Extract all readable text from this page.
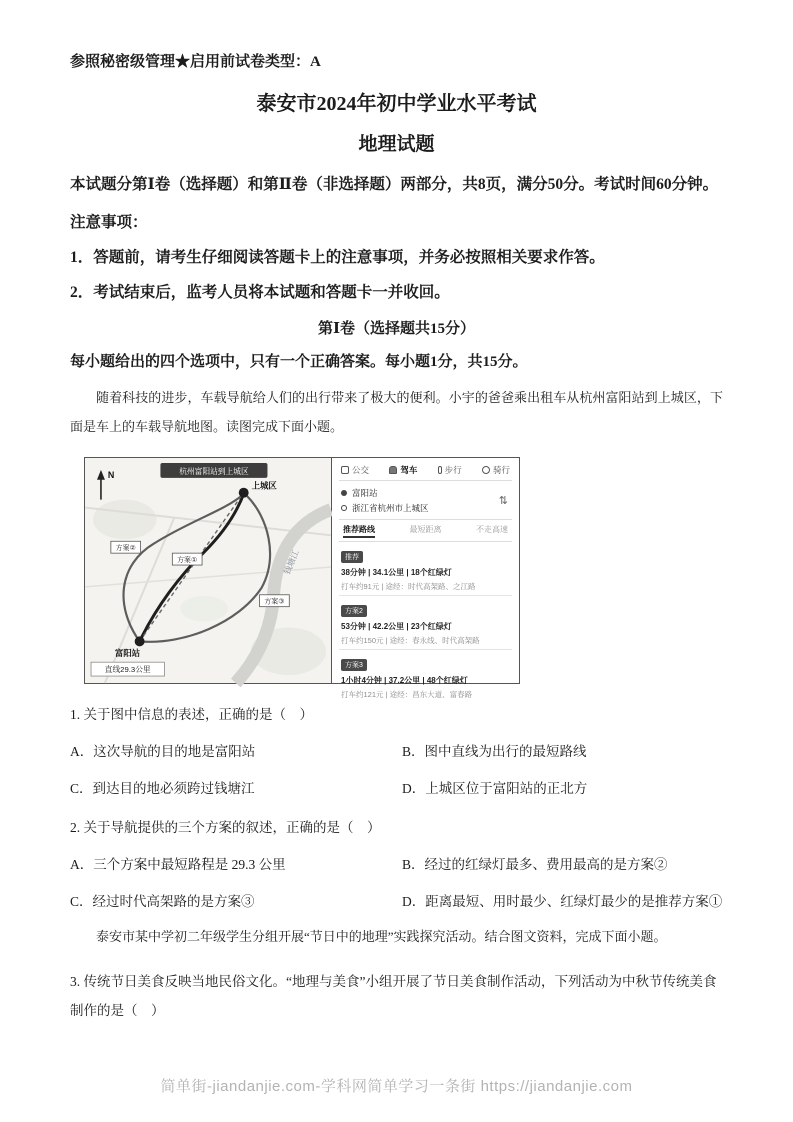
参照秘密级管理★启用前试卷类型：A
泰安市2024年初中学业水平考试
地理试题
本试题分第Ⅰ卷（选择题）和第Ⅱ卷（非选择题）两部分，共8页，满分50分。考试时间60分钟。
注意事项：
1．答题前，请考生仔细阅读答题卡上的注意事项，并务必按照相关要求作答。
2．考试结束后，监考人员将本试题和答题卡一并收回。
第Ⅰ卷（选择题共15分）
每小题给出的四个选项中，只有一个正确答案。每小题1分，共15分。
随着科技的进步，车载导航给人们的出行带来了极大的便利。小宇的爸爸乘出租车从杭州富阳站到上城区，下面是车上的车载导航地图。读图完成下面小题。
钱塘江
N	杭州富阳站到上城区
上城区
富阳站
方案①
方案②
方案③
直线29.3公里
公交	驾车	步行	骑行
富阳站
浙江省杭州市上城区
⇅
推荐路线	最短距离	不走高速
推荐
38分钟 | 34.1公里 | 18个红绿灯
打车约91元 | 途经：时代高架路、之江路
方案2
53分钟 | 42.2公里 | 23个红绿灯
打车约150元 | 途经：春永线、时代高架路
方案3
1小时4分钟 | 37.2公里 | 48个红绿灯
打车约121元 | 途经：昌东大道、富春路
1. 关于图中信息的表述，正确的是（　）
A．这次导航的目的地是富阳站	B．图中直线为出行的最短路线
C．到达目的地必须跨过钱塘江	D．上城区位于富阳站的正北方
2. 关于导航提供的三个方案的叙述，正确的是（　）
A．三个方案中最短路程是 29.3 公里	B．经过的红绿灯最多、费用最高的是方案②
C．经过时代高架路的是方案③	D．距离最短、用时最少、红绿灯最少的是推荐方案①
泰安市某中学初二年级学生分组开展“节日中的地理”实践探究活动。结合图文资料，完成下面小题。
3. 传统节日美食反映当地民俗文化。“地理与美食”小组开展了节日美食制作活动，下列活动为中秋节传统美食制作的是（　）
简单街-jiandanjie.com-学科网简单学习一条街 https://jiandanjie.com
